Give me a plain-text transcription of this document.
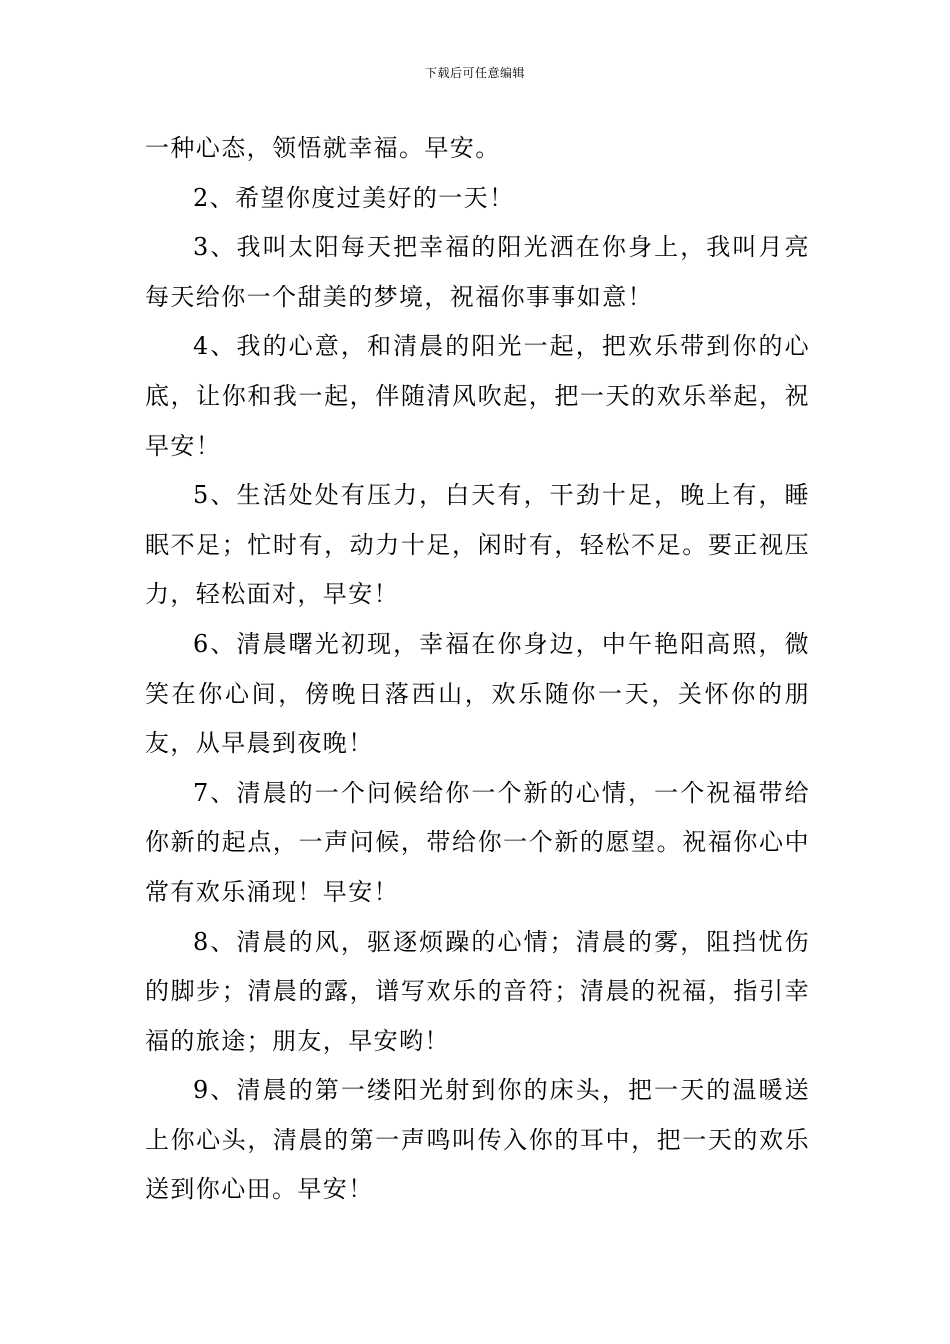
下载后可任意编辑

一种心态，领悟就幸福。早安。

2、希望你度过美好的一天！

3、我叫太阳每天把幸福的阳光洒在你身上，我叫月亮每天给你一个甜美的梦境，祝福你事事如意！

4、我的心意，和清晨的阳光一起，把欢乐带到你的心底，让你和我一起，伴随清风吹起，把一天的欢乐举起，祝早安！

5、生活处处有压力，白天有，干劲十足，晚上有，睡眠不足；忙时有，动力十足，闲时有，轻松不足。要正视压力，轻松面对，早安！

6、清晨曙光初现，幸福在你身边，中午艳阳高照，微笑在你心间，傍晚日落西山，欢乐随你一天，关怀你的朋友，从早晨到夜晚！

7、清晨的一个问候给你一个新的心情，一个祝福带给你新的起点，一声问候，带给你一个新的愿望。祝福你心中常有欢乐涌现！早安！

8、清晨的风，驱逐烦躁的心情；清晨的雾，阻挡忧伤的脚步；清晨的露，谱写欢乐的音符；清晨的祝福，指引幸福的旅途；朋友，早安哟！

9、清晨的第一缕阳光射到你的床头，把一天的温暖送上你心头，清晨的第一声鸣叫传入你的耳中，把一天的欢乐送到你心田。早安！
